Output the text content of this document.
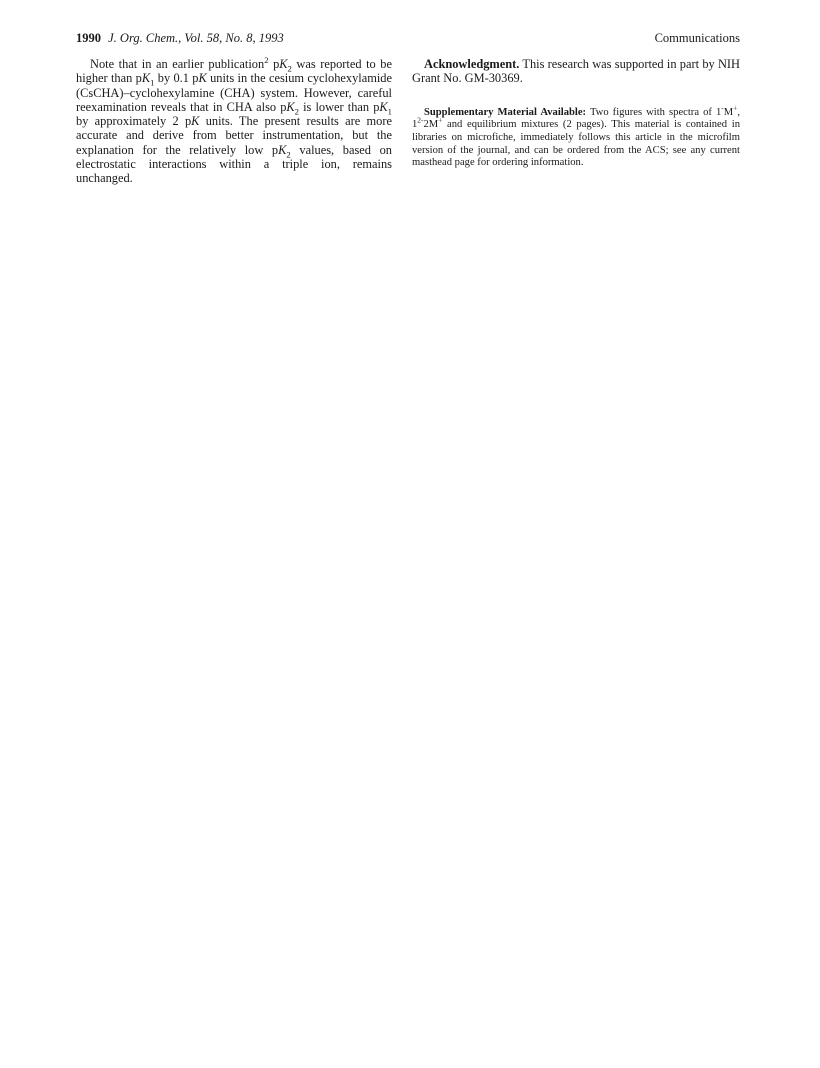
1990 J. Org. Chem., Vol. 58, No. 8, 1993	Communications

Note that in an earlier publication$^2$ $pK_2$ was reported to be higher than $pK_1$ by 0.1 pK units in the cesium cyclohexylamide (CsCHA)–cyclohexylamine (CHA) system. However, careful reexamination reveals that in CHA also $pK_2$ is lower than $pK_1$ by approximately 2 pK units. The present results are more accurate and derive from better instrumentation, but the explanation for the relatively low $pK_2$ values, based on electrostatic interactions within a triple ion, remains unchanged.

Acknowledgment. This research was supported in part by NIH Grant No. GM-30369.

Supplementary Material Available: Two figures with spectra of 1-M+, $1^{2-}2M^+$ and equilibrium mixtures (2 pages). This material is contained in libraries on microfiche, immediately follows this article in the microfilm version of the journal, and can be ordered from the ACS; see any current masthead page for ordering information.
